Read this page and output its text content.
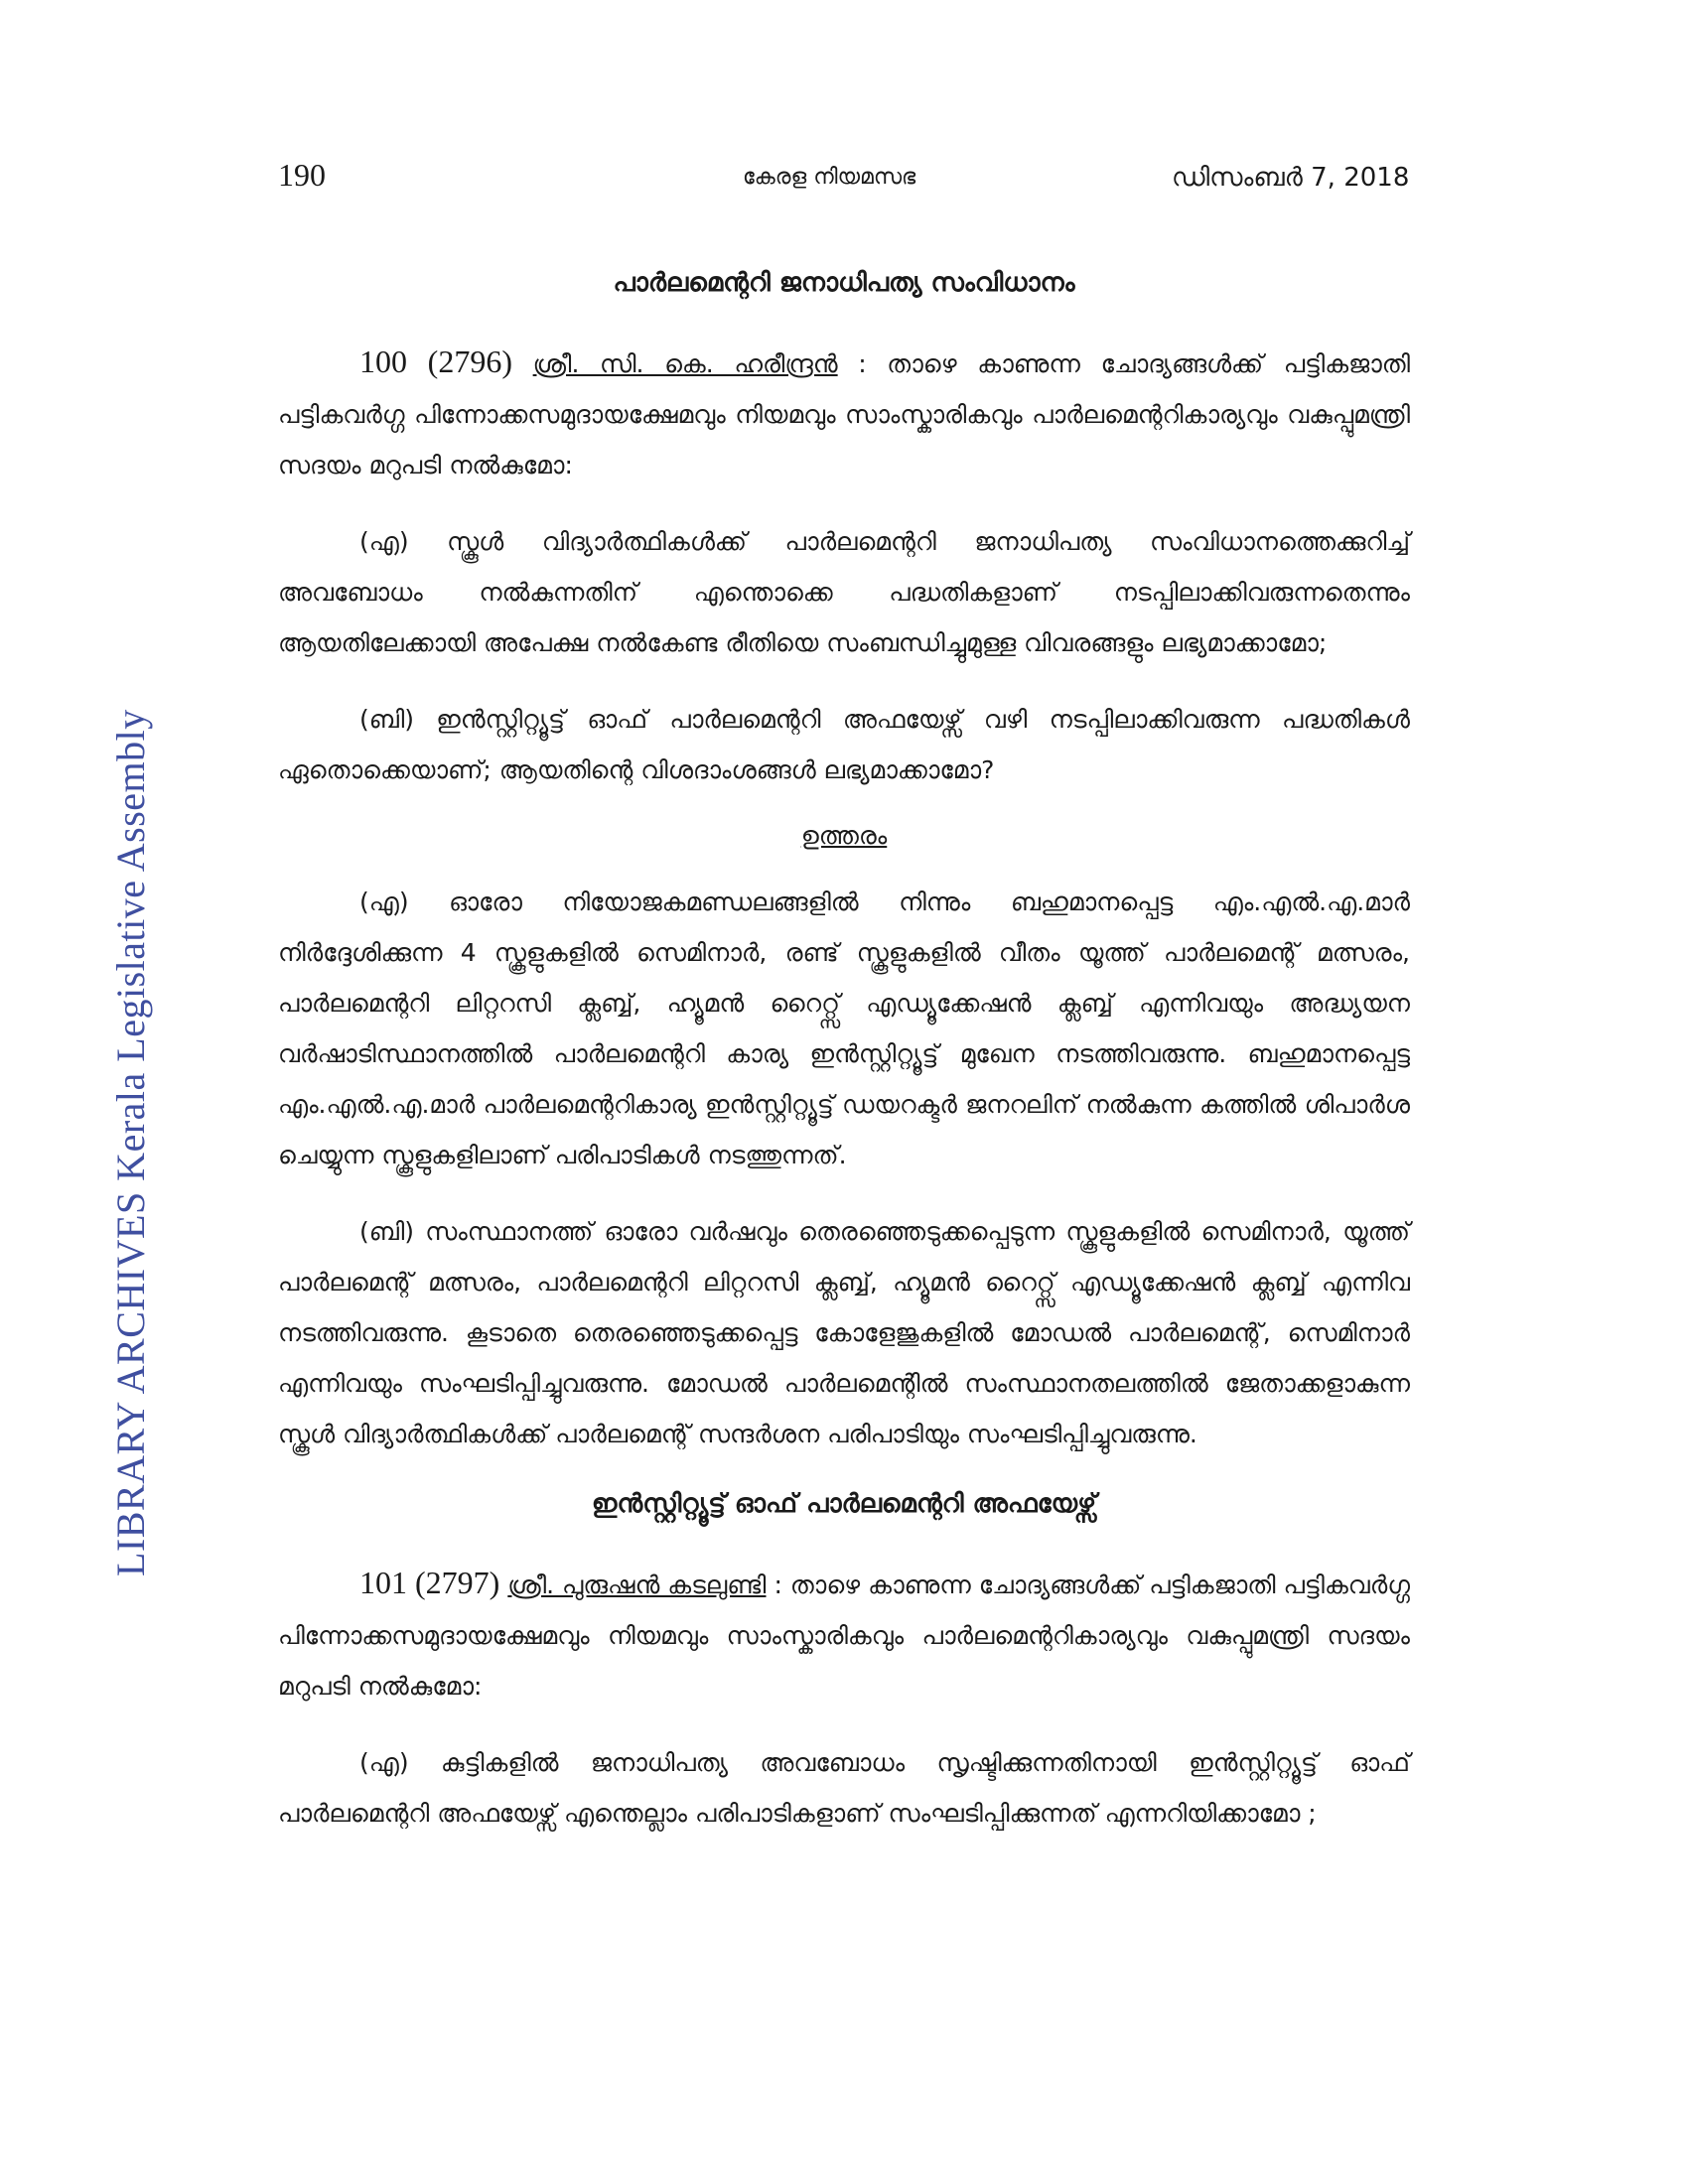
190	കേരള നിയമസഭ	ഡിസംബർ 7, 2018
LIBRARY ARCHIVES Kerala Legislative Assembly
പാർലമെന്ററി ജനാധിപത്യ സംവിധാനം

100 (2796) ശ്രീ. സി. കെ. ഹരീന്ദ്രൻ : താഴെ കാണുന്ന ചോദ്യങ്ങൾക്ക് പട്ടികജാതി പട്ടികവർഗ്ഗ പിന്നോക്കസമുദായക്ഷേമവും നിയമവും സാംസ്കാരികവും പാർലമെന്ററികാര്യവും വകുപ്പുമന്ത്രി സദയം മറുപടി നൽകുമോ:

(എ) സ്കൂൾ വിദ്യാർത്ഥികൾക്ക് പാർലമെന്ററി ജനാധിപത്യ സംവിധാനത്തെക്കുറിച്ച് അവബോധം നൽകുന്നതിന് എന്തൊക്കെ പദ്ധതികളാണ് നടപ്പിലാക്കിവരുന്നതെന്നും ആയതിലേക്കായി അപേക്ഷ നൽകേണ്ട രീതിയെ സംബന്ധിച്ചുമുള്ള വിവരങ്ങളും ലഭ്യമാക്കാമോ;

(ബി) ഇൻസ്റ്റിറ്റ്യൂട്ട് ഓഫ് പാർലമെന്ററി അഫയേഴ്സ് വഴി നടപ്പിലാക്കിവരുന്ന പദ്ധതികൾ ഏതൊക്കെയാണ്; ആയതിന്റെ വിശദാംശങ്ങൾ ലഭ്യമാക്കാമോ?

ഉത്തരം

(എ) ഓരോ നിയോജകമണ്ഡലങ്ങളിൽ നിന്നും ബഹുമാനപ്പെട്ട എം.എൽ.എ.മാർ നിർദ്ദേശിക്കുന്ന 4 സ്കൂളുകളിൽ സെമിനാർ, രണ്ട് സ്കൂളുകളിൽ വീതം യൂത്ത് പാർലമെന്റ് മത്സരം, പാർലമെന്ററി ലിറ്ററസി ക്ലബ്ബ്, ഹ്യൂമൻ റൈറ്റ്സ് എഡ്യൂക്കേഷൻ ക്ലബ്ബ് എന്നിവയും അദ്ധ്യയന വർഷാടിസ്ഥാനത്തിൽ പാർലമെന്ററി കാര്യ ഇൻസ്റ്റിറ്റ്യൂട്ട് മുഖേന നടത്തിവരുന്നു. ബഹുമാനപ്പെട്ട എം.എൽ.എ.മാർ പാർലമെന്ററികാര്യ ഇൻസ്റ്റിറ്റ്യൂട്ട് ഡയറക്ടർ ജനറലിന് നൽകുന്ന കത്തിൽ ശിപാർശ ചെയ്യുന്ന സ്കൂളുകളിലാണ് പരിപാടികൾ നടത്തുന്നത്.

(ബി) സംസ്ഥാനത്ത് ഓരോ വർഷവും തെരഞ്ഞെടുക്കപ്പെടുന്ന സ്കൂളുകളിൽ സെമിനാർ, യൂത്ത് പാർലമെന്റ് മത്സരം, പാർലമെന്ററി ലിറ്ററസി ക്ലബ്ബ്, ഹ്യൂമൻ റൈറ്റ്സ് എഡ്യൂക്കേഷൻ ക്ലബ്ബ് എന്നിവ നടത്തിവരുന്നു. കൂടാതെ തെരഞ്ഞെടുക്കപ്പെട്ട കോളേജുകളിൽ മോഡൽ പാർലമെന്റ്, സെമിനാർ എന്നിവയും സംഘടിപ്പിച്ചുവരുന്നു. മോഡൽ പാർലമെന്റിൽ സംസ്ഥാനതലത്തിൽ ജേതാക്കളാകുന്ന സ്കൂൾ വിദ്യാർത്ഥികൾക്ക് പാർലമെന്റ് സന്ദർശന പരിപാടിയും സംഘടിപ്പിച്ചുവരുന്നു.

ഇൻസ്റ്റിറ്റ്യൂട്ട് ഓഫ് പാർലമെന്ററി അഫയേഴ്സ്

101 (2797) ശ്രീ. പുരുഷൻ കടലുണ്ടി : താഴെ കാണുന്ന ചോദ്യങ്ങൾക്ക് പട്ടികജാതി പട്ടികവർഗ്ഗ പിന്നോക്കസമുദായക്ഷേമവും നിയമവും സാംസ്കാരികവും പാർലമെന്ററികാര്യവും വകുപ്പുമന്ത്രി സദയം മറുപടി നൽകുമോ:

(എ) കുട്ടികളിൽ ജനാധിപത്യ അവബോധം സൃഷ്ടിക്കുന്നതിനായി ഇൻസ്റ്റിറ്റ്യൂട്ട് ഓഫ് പാർലമെന്ററി അഫയേഴ്സ് എന്തെല്ലാം പരിപാടികളാണ് സംഘടിപ്പിക്കുന്നത് എന്നറിയിക്കാമോ ;
